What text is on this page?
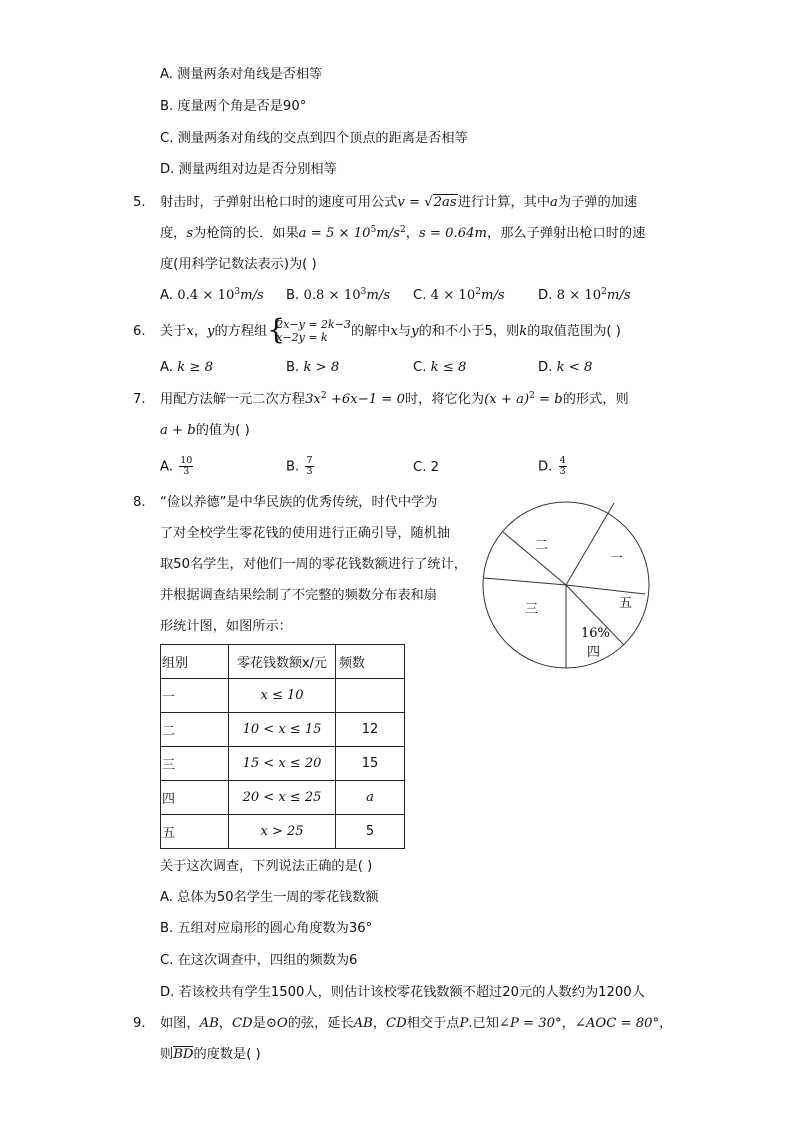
A. 测量两条对角线是否相等
B. 度量两个角是否是90°
C. 测量两条对角线的交点到四个顶点的距离是否相等
D. 测量两组对边是否分别相等
5. 射击时，子弹射出枪口时的速度可用公式v = √2as进行计算，其中a为子弹的加速
度，s为枪筒的长．如果$a = 5 \times 10^5m/s^2$，s = 0.64m，那么子弹射出枪口时的速
度(用科学记数法表示)为( )
A. $0.4 \times 10^3m/s$ B. $0.8 \times 10^3m/s$ C. $4 \times 10^2m/s$	D. $8 \times 10^2m/s$
6. 关于x，y的方程组 {
2x−y = 2k−3
x−2y = k	的解中x与y的和不小于5，则k的取值范围为( )
A. k ≥ 8	B. k > 8	C. k ≤ 8	D. k < 8
7. 用配方法解一元二次方程$3x^2 +6x-1 = 0$时，将它化为$(x + a)^2 = b$的形式，则
a + b的值为( )
A. $\frac{10}{3}$	B. $\frac{7}{3}$	C. 2	D. $\frac{4}{3}$
8. “俭以养德”是中华民族的优秀传统，时代中学为
了对全校学生零花钱的使用进行正确引导，随机抽
取50名学生，对他们一周的零花钱数额进行了统计，
并根据调查结果绘制了不完整的频数分布表和扇
形统计图，如图所示：
组别	零花钱数额x/元	频数
一	x ≤ 10	
二	10 < x ≤ 15	12
三	15 < x ≤ 20	15
四	20 < x ≤ 25	a
五	x > 25	5
一
二
三
16%
四
五
关于这次调查，下列说法正确的是( )
A. 总体为50名学生一周的零花钱数额
B. 五组对应扇形的圆心角度数为36°
C. 在这次调查中，四组的频数为6
D. 若该校共有学生1500人，则估计该校零花钱数额不超过20元的人数约为1200人
9. 如图，AB，CD是⊙O的弦，延长AB，CD相交于点P.已知∠P = 30°，∠AOC = 80°，
则BD的度数是( )
